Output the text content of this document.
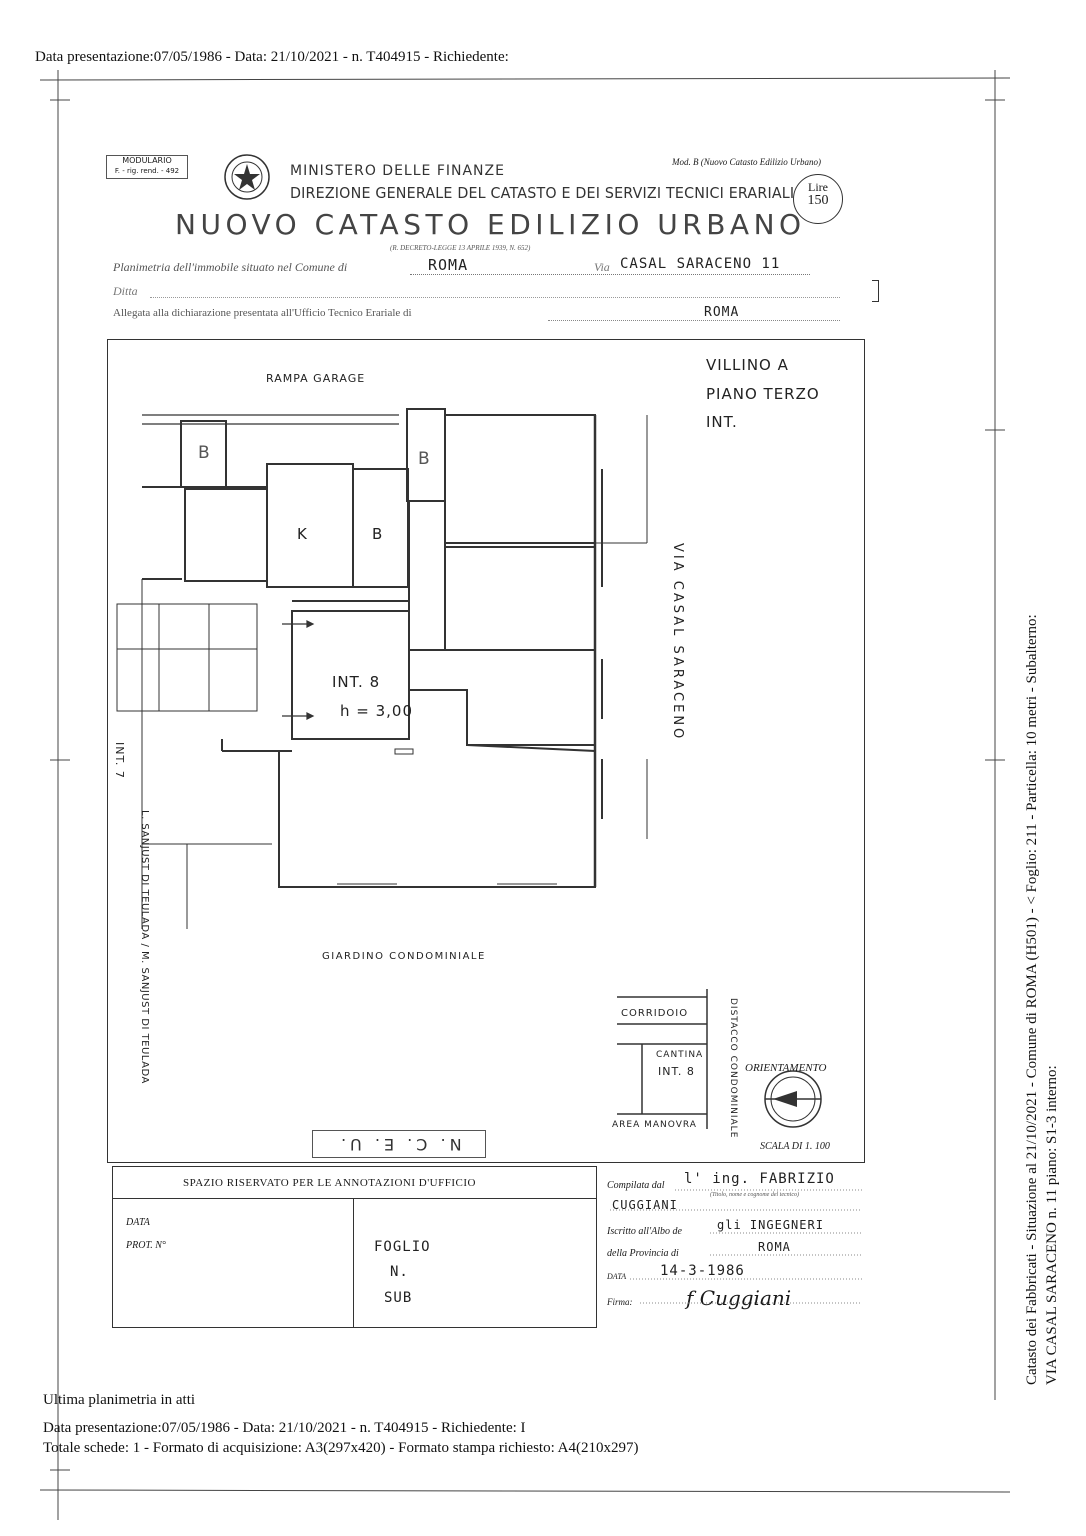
Data presentazione:07/05/1986 - Data: 21/10/2021 - n. T404915 - Richiedente:
MODULARIO
F. - rig. rend. - 492
Mod. B (Nuovo Catasto Edilizio Urbano)
MINISTERO DELLE FINANZE
DIREZIONE GENERALE DEL CATASTO E DEI SERVIZI TECNICI ERARIALI	Lire
150
NUOVO CATASTO EDILIZIO URBANO
(R. DECRETO-LEGGE 13 APRILE 1939, N. 652)
Planimetria dell'immobile situato nel Comune di	ROMA	Via CASAL SARACENO 11
Ditta
Allegata alla dichiarazione presentata all'Ufficio Tecnico Erariale di	ROMA
VILLINO A
PIANO TERZO
INT.
RAMPA GARAGE
B	B
K	B
INT. 8
h = 3,00	VIA CASAL SARACENO
INT. 7
L. SANJUST DI TEULADA / M. SANJUST DI TEULADA	GIARDINO CONDOMINIALE
CORRIDOIO
CANTINA
INT. 8	DISTACCO CONDOMINIALE
AREA MANOVRA
ORIENTAMENTO
SCALA DI 1. 100
N. C. E. U.
SPAZIO RISERVATO PER LE ANNOTAZIONI D'UFFICIO
DATA
PROT. N°	FOGLIO
N.
SUB
Compilata dal l' ing. FABRIZIO
CUGGIANI
(Titolo, nome e cognome del tecnico)
Iscritto all'Albo de	gli INGEGNERI
della Provincia di	ROMA
DATA 14-3-1986
Firma:	f Cuggiani
Ultima planimetria in atti
Data presentazione:07/05/1986 - Data: 21/10/2021 - n. T404915 - Richiedente: I
Totale schede: 1 - Formato di acquisizione: A3(297x420) - Formato stampa richiesto: A4(210x297)
Catasto dei Fabbricati - Situazione al 21/10/2021 - Comune di ROMA (H501) - < Foglio: 211 - Particella: 10 metri - Subalterno: VIA CASAL SARACENO n. 11 piano: S1-3 interno:
